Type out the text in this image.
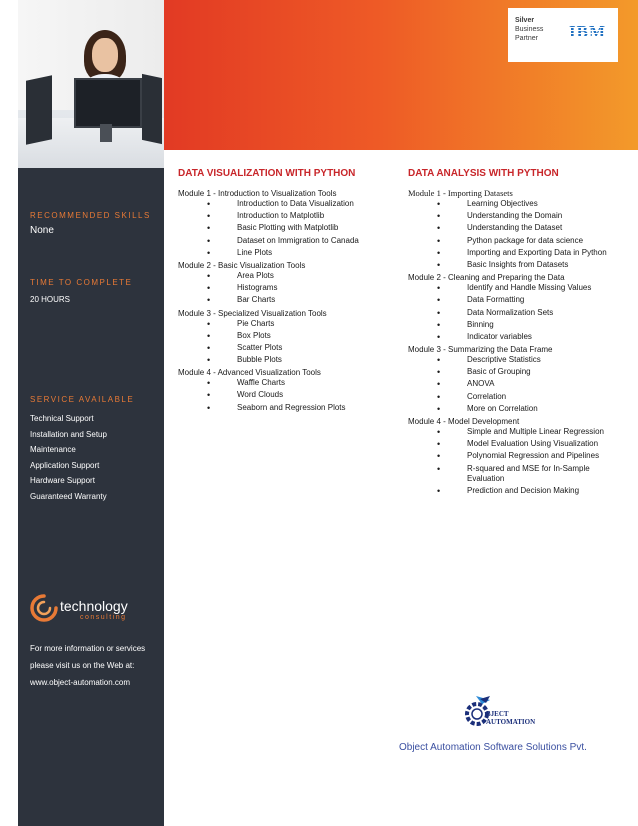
Silver
Business
Partner	IBM
RECOMMENDED SKILLS
None
TIME TO COMPLETE
20 HOURS
SERVICE AVAILABLE
Technical Support
Installation and Setup
Maintenance
Application Support
Hardware Support
Guaranteed Warranty
technology
consulting
For more information or services
please visit us on the Web at:
www.object-automation.com
DATA VISUALIZATION WITH PYTHON
Module 1 - Introduction to Visualization Tools
• Introduction to Data Visualization
• Introduction to Matplotlib
• Basic Plotting with Matplotlib
• Dataset on Immigration to Canada
• Line Plots
Module 2 - Basic Visualization Tools
• Area Plots
• Histograms
• Bar Charts
Module 3 - Specialized Visualization Tools
• Pie Charts
• Box Plots
• Scatter Plots
• Bubble Plots
Module 4 - Advanced Visualization Tools
• Waffle Charts
• Word Clouds
• Seaborn and Regression Plots
DATA ANALYSIS WITH PYTHON
Module 1 - Importing Datasets
• Learning Objectives
• Understanding the Domain
• Understanding the Dataset
• Python package for data science
• Importing and Exporting Data in Python
• Basic Insights from Datasets
Module 2 - Cleaning and Preparing the Data
• Identify and Handle Missing Values
• Data Formatting
• Data Normalization Sets
• Binning
• Indicator variables
Module 3 - Summarizing the Data Frame
• Descriptive Statistics
• Basic of Grouping
• ANOVA
• Correlation
• More on Correlation
Module 4 - Model Development
• Simple and Multiple Linear Regression
• Model Evaluation Using Visualization
• Polynomial Regression and Pipelines
• R-squared and MSE for In-Sample Evaluation
• Prediction and Decision Making
BJECT
AUTOMATION
Object Automation Software Solutions Pvt.
